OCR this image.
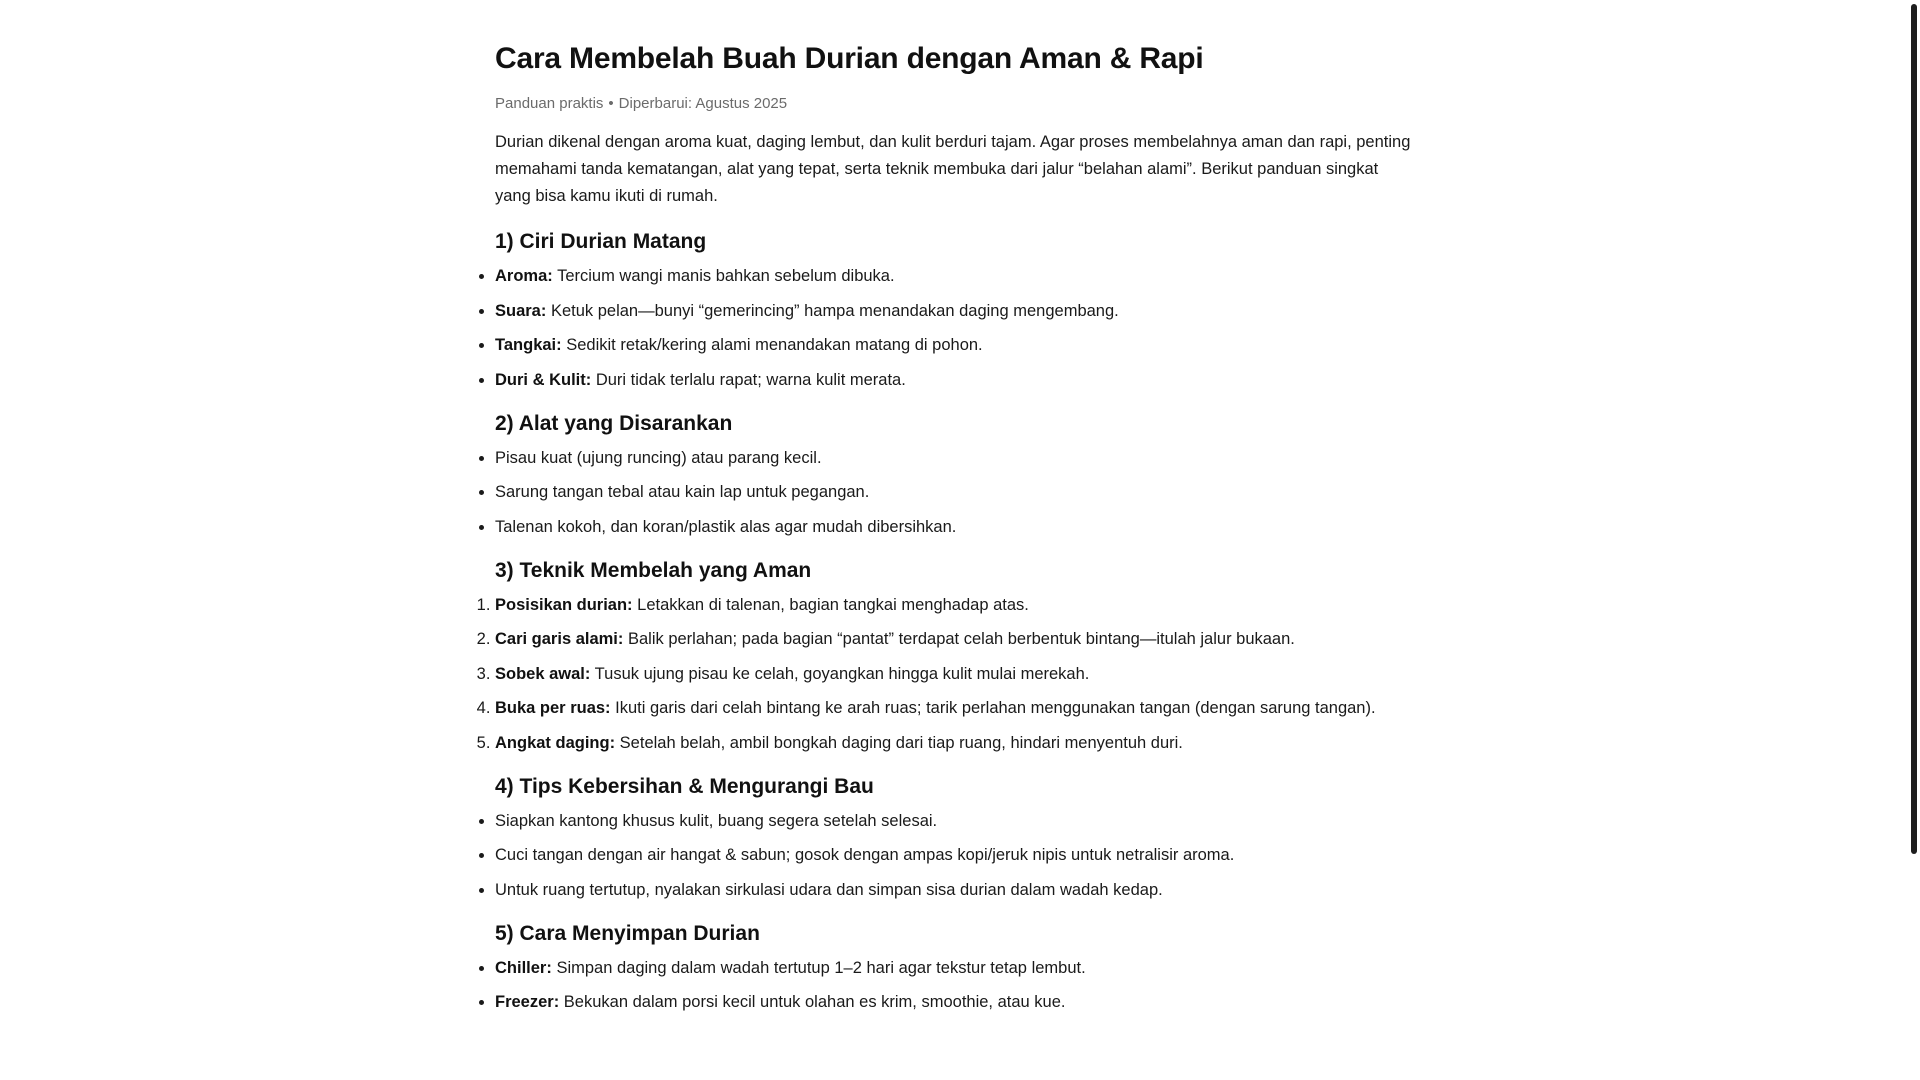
Cara Membelah Buah Durian dengan Aman & Rapi
Panduan praktis • Diperbarui: Agustus 2025

Durian dikenal dengan aroma kuat, daging lembut, dan kulit berduri tajam. Agar proses membelahnya aman dan rapi, penting memahami tanda kematangan, alat yang tepat, serta teknik membuka dari jalur “belahan alami”. Berikut panduan singkat yang bisa kamu ikuti di rumah.

1) Ciri Durian Matang
• Aroma: Tercium wangi manis bahkan sebelum dibuka.
• Suara: Ketuk pelan—bunyi “gemerincing” hampa menandakan daging mengembang.
• Tangkai: Sedikit retak/kering alami menandakan matang di pohon.
• Duri & Kulit: Duri tidak terlalu rapat; warna kulit merata.
2) Alat yang Disarankan
• Pisau kuat (ujung runcing) atau parang kecil.
• Sarung tangan tebal atau kain lap untuk pegangan.
• Talenan kokoh, dan koran/plastik alas agar mudah dibersihkan.
3) Teknik Membelah yang Aman
1. Posisikan durian: Letakkan di talenan, bagian tangkai menghadap atas.
2. Cari garis alami: Balik perlahan; pada bagian “pantat” terdapat celah berbentuk bintang—itulah jalur bukaan.
3. Sobek awal: Tusuk ujung pisau ke celah, goyangkan hingga kulit mulai merekah.
4. Buka per ruas: Ikuti garis dari celah bintang ke arah ruas; tarik perlahan menggunakan tangan (dengan sarung tangan).
5. Angkat daging: Setelah belah, ambil bongkah daging dari tiap ruang, hindari menyentuh duri.
4) Tips Kebersihan & Mengurangi Bau
• Siapkan kantong khusus kulit, buang segera setelah selesai.
• Cuci tangan dengan air hangat & sabun; gosok dengan ampas kopi/jeruk nipis untuk netralisir aroma.
• Untuk ruang tertutup, nyalakan sirkulasi udara dan simpan sisa durian dalam wadah kedap.
5) Cara Menyimpan Durian
• Chiller: Simpan daging dalam wadah tertutup 1–2 hari agar tekstur tetap lembut.
• Freezer: Bekukan dalam porsi kecil untuk olahan es krim, smoothie, atau kue.
